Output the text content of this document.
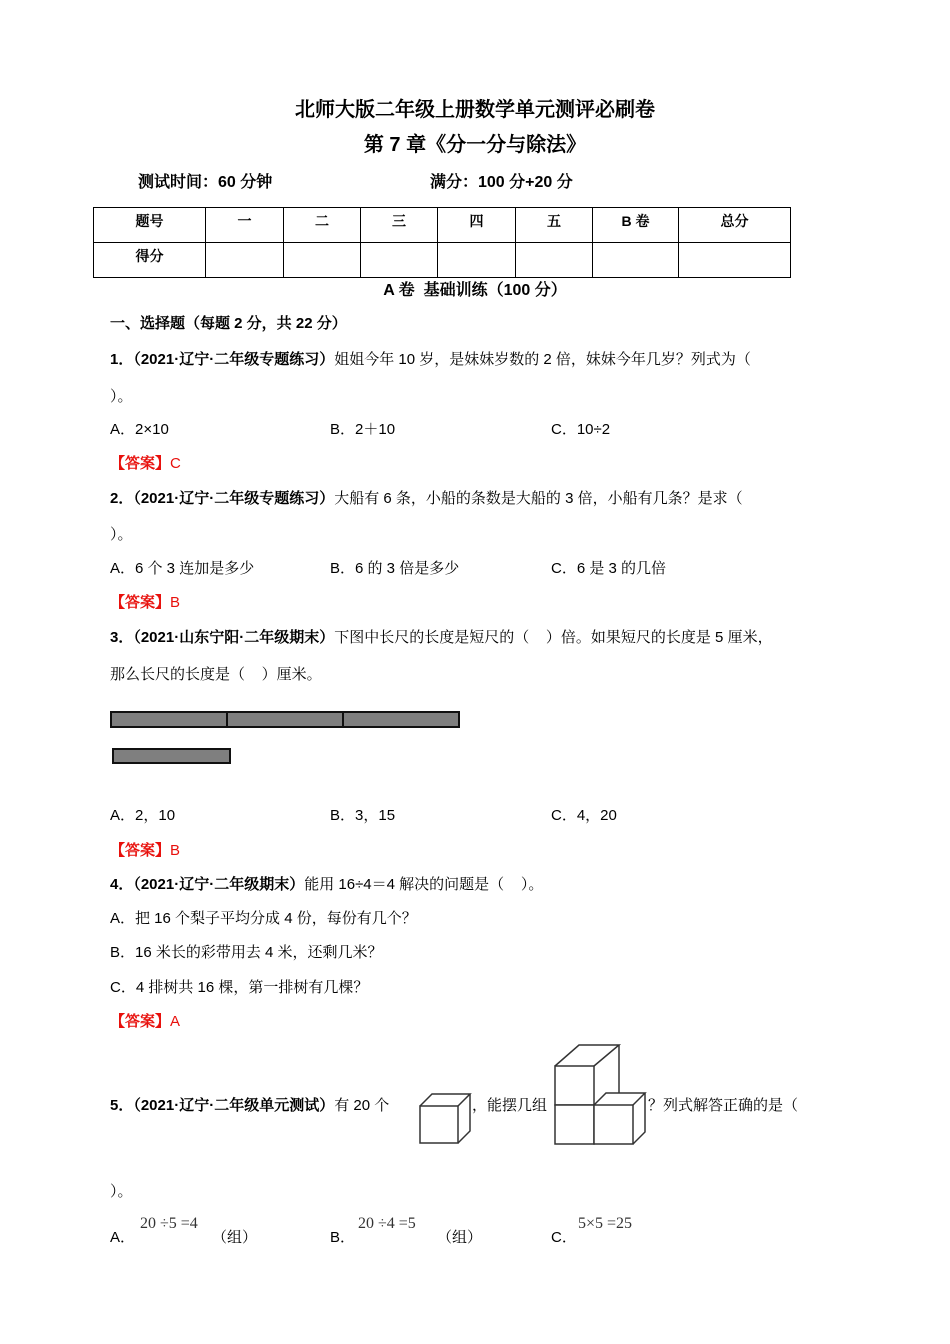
北师大版二年级上册数学单元测评必刷卷
第 7 章《分一分与除法》
测试时间：60 分钟	满分：100 分+20 分
题号	一	二	三	四	五	B 卷	总分
得分							
A 卷  基础训练（100 分）
一、选择题（每题 2 分，共 22 分）
1．（2021·辽宁·二年级专题练习）姐姐今年 10 岁，是妹妹岁数的 2 倍，妹妹今年几岁？列式为（
）。
A．2×10	B．2＋10	C．10÷2
【答案】C
2．（2021·辽宁·二年级专题练习）大船有 6 条，小船的条数是大船的 3 倍，小船有几条？是求（
）。
A．6 个 3 连加是多少	B．6 的 3 倍是多少	C．6 是 3 的几倍
【答案】B
3．（2021·山东宁阳·二年级期末）下图中长尺的长度是短尺的（    ）倍。如果短尺的长度是 5 厘米，
那么长尺的长度是（    ）厘米。
A．2，10	B．3，15	C．4，20
【答案】B
4．（2021·辽宁·二年级期末）能用 16÷4＝4 解决的问题是（    ）。
A．把 16 个梨子平均分成 4 份，每份有几个？
B．16 米长的彩带用去 4 米，还剩几米？
C．4 排树共 16 棵，第一排树有几棵？
【答案】A
5．（2021·辽宁·二年级单元测试）有 20 个	，能摆几组	？列式解答正确的是（
）。
A．
20 ÷5 =4
（组）	B．
20 ÷4 =5
（组）	C．
5×5 =25
